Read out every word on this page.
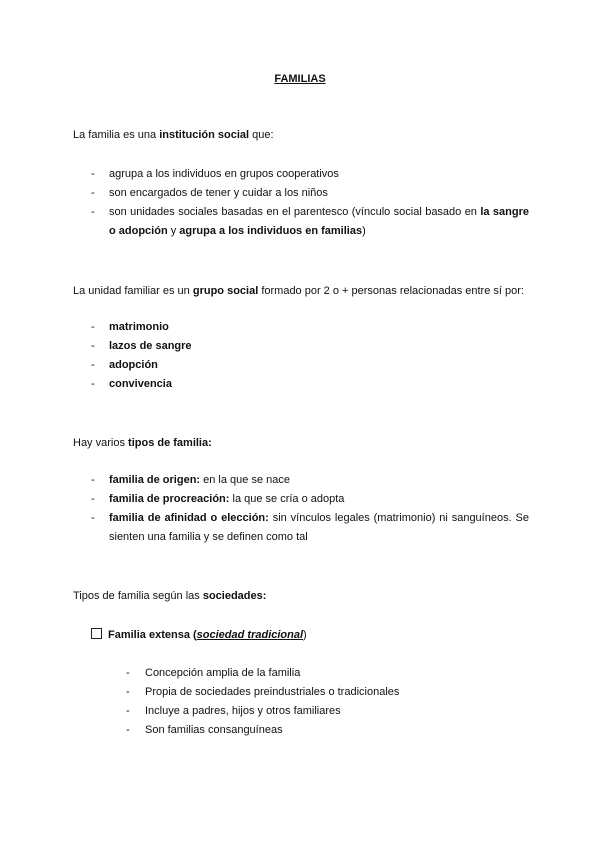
FAMILIAS
La familia es una institución social que:
- agrupa a los individuos en grupos cooperativos
- son encargados de tener y cuidar a los niños
- son unidades sociales basadas en el parentesco (vínculo social basado en la sangre o adopción y agrupa a los individuos en familias)
La unidad familiar es un grupo social formado por 2 o + personas relacionadas entre sí por:
- matrimonio
- lazos de sangre
- adopción
- convivencia
Hay varios tipos de familia:
- familia de origen: en la que se nace
- familia de procreación: la que se cría o adopta
- familia de afinidad o elección: sin vínculos legales (matrimonio) ni sanguíneos. Se sienten una familia y se definen como tal
Tipos de familia según las sociedades:
Familia extensa (sociedad tradicional)
- Concepción amplia de la familia
- Propia de sociedades preindustriales o tradicionales
- Incluye a padres, hijos y otros familiares
- Son familias consanguíneas
